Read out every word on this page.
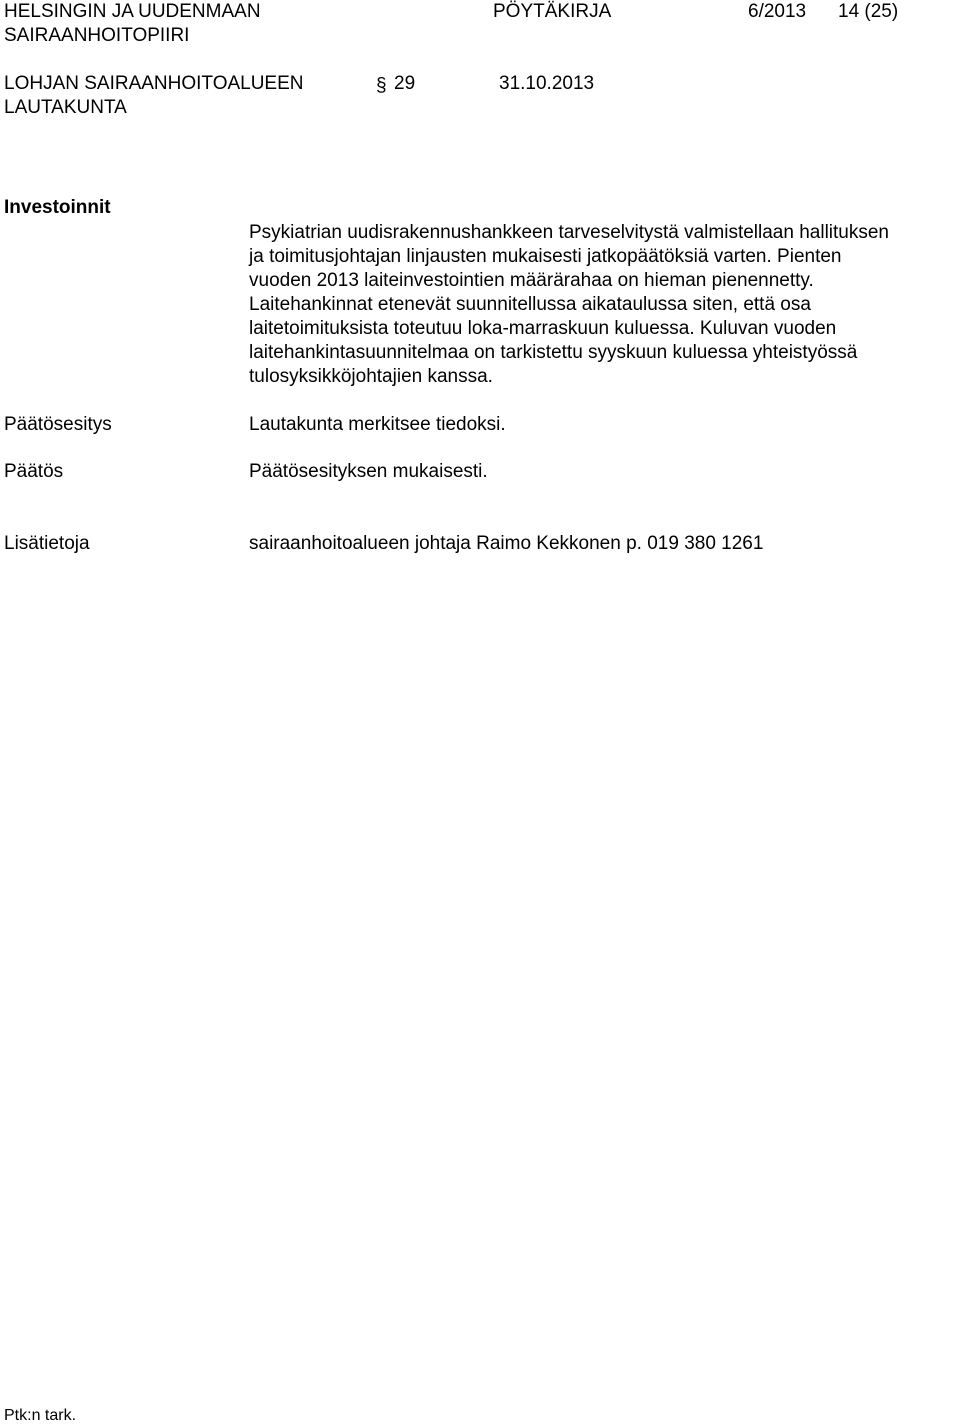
HELSINGIN JA UUDENMAAN
SAIRAANHOITOPIIRI
PÖYTÄKIRJA	6/2013 14 (25)
LOHJAN SAIRAANHOITOALUEEN
LAUTAKUNTA
§ 29	31.10.2013
Investoinnit

Psykiatrian uudisrakennushankkeen tarveselvitystä valmistellaan hallituksen

ja toimitusjohtajan linjausten mukaisesti jatkopäätöksiä varten. Pienten

vuoden 2013 laiteinvestointien määrärahaa on hieman pienennetty.

Laitehankinnat etenevät suunnitellussa aikataulussa siten, että osa

laitetoimituksista toteutuu loka-marraskuun kuluessa. Kuluvan vuoden

laitehankintasuunnitelmaa on tarkistettu syyskuun kuluessa yhteistyössä

tulosyksikköjohtajien kanssa.

Päätösesitys	Lautakunta merkitsee tiedoksi.

Päätös	Päätösesityksen mukaisesti.

Lisätietoja	sairaanhoitoalueen johtaja Raimo Kekkonen p. 019 380 1261

Ptk:n tark.
